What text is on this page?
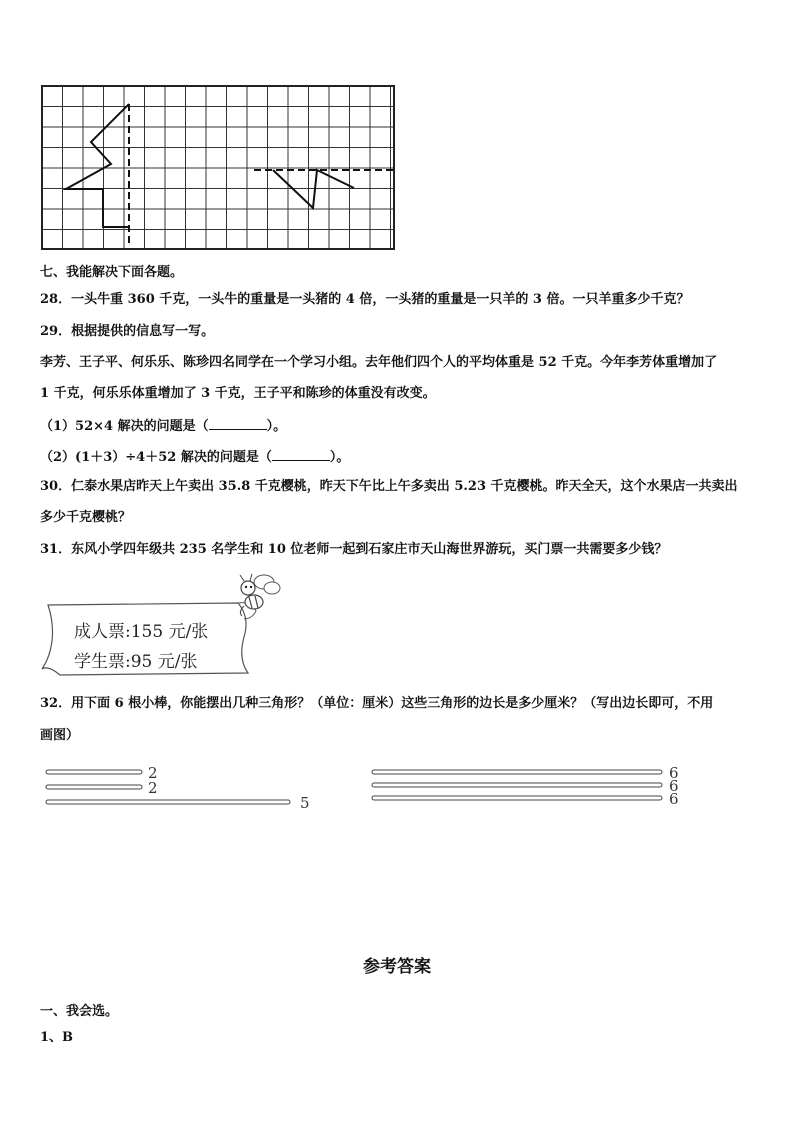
七、我能解决下面各题。
28．一头牛重 360 千克，一头牛的重量是一头猪的 4 倍，一头猪的重量是一只羊的 3 倍。一只羊重多少千克？
29．根据提供的信息写一写。
李芳、王子平、何乐乐、陈珍四名同学在一个学习小组。去年他们四个人的平均体重是 52 千克。今年李芳体重增加了
1 千克，何乐乐体重增加了 3 千克，王子平和陈珍的体重没有改变。
（1）52×4 解决的问题是（	）。
（2）(1＋3）÷4＋52 解决的问题是（	）。
30．仁泰水果店昨天上午卖出 35.8 千克樱桃，昨天下午比上午多卖出 5.23 千克樱桃。昨天全天，这个水果店一共卖出
多少千克樱桃？
31．东风小学四年级共 235 名学生和 10 位老师一起到石家庄市天山海世界游玩，买门票一共需要多少钱？
成人票:155 元/张
学生票:95 元/张
32．用下面 6 根小棒，你能摆出几种三角形？（单位：厘米）这些三角形的边长是多少厘米？（写出边长即可，不用
画图）
2
2
5
6
6
6
参考答案
一、我会选。
1、B
